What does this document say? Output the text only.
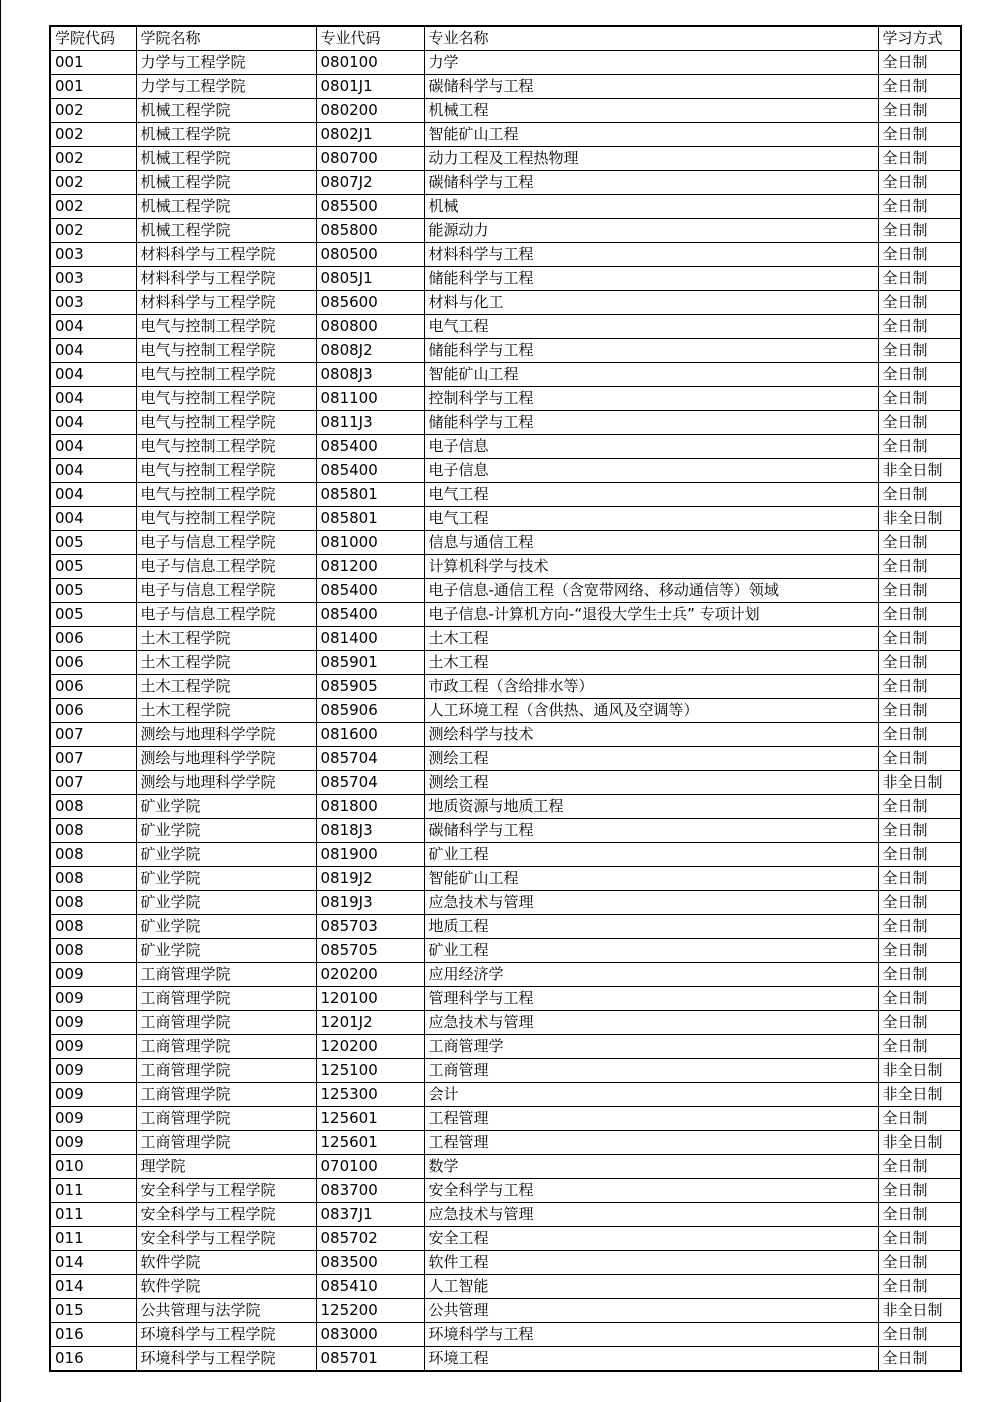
学院代码	学院名称	专业代码	专业名称	学习方式
001	力学与工程学院	080100	力学	全日制
001	力学与工程学院	0801J1	碳储科学与工程	全日制
002	机械工程学院	080200	机械工程	全日制
002	机械工程学院	0802J1	智能矿山工程	全日制
002	机械工程学院	080700	动力工程及工程热物理	全日制
002	机械工程学院	0807J2	碳储科学与工程	全日制
002	机械工程学院	085500	机械	全日制
002	机械工程学院	085800	能源动力	全日制
003	材料科学与工程学院	080500	材料科学与工程	全日制
003	材料科学与工程学院	0805J1	储能科学与工程	全日制
003	材料科学与工程学院	085600	材料与化工	全日制
004	电气与控制工程学院	080800	电气工程	全日制
004	电气与控制工程学院	0808J2	储能科学与工程	全日制
004	电气与控制工程学院	0808J3	智能矿山工程	全日制
004	电气与控制工程学院	081100	控制科学与工程	全日制
004	电气与控制工程学院	0811J3	储能科学与工程	全日制
004	电气与控制工程学院	085400	电子信息	全日制
004	电气与控制工程学院	085400	电子信息	非全日制
004	电气与控制工程学院	085801	电气工程	全日制
004	电气与控制工程学院	085801	电气工程	非全日制
005	电子与信息工程学院	081000	信息与通信工程	全日制
005	电子与信息工程学院	081200	计算机科学与技术	全日制
005	电子与信息工程学院	085400	电子信息-通信工程（含宽带网络、移动通信等）领域	全日制
005	电子与信息工程学院	085400	电子信息-计算机方向-“退役大学生士兵” 专项计划	全日制
006	土木工程学院	081400	土木工程	全日制
006	土木工程学院	085901	土木工程	全日制
006	土木工程学院	085905	市政工程（含给排水等）	全日制
006	土木工程学院	085906	人工环境工程（含供热、通风及空调等）	全日制
007	测绘与地理科学学院	081600	测绘科学与技术	全日制
007	测绘与地理科学学院	085704	测绘工程	全日制
007	测绘与地理科学学院	085704	测绘工程	非全日制
008	矿业学院	081800	地质资源与地质工程	全日制
008	矿业学院	0818J3	碳储科学与工程	全日制
008	矿业学院	081900	矿业工程	全日制
008	矿业学院	0819J2	智能矿山工程	全日制
008	矿业学院	0819J3	应急技术与管理	全日制
008	矿业学院	085703	地质工程	全日制
008	矿业学院	085705	矿业工程	全日制
009	工商管理学院	020200	应用经济学	全日制
009	工商管理学院	120100	管理科学与工程	全日制
009	工商管理学院	1201J2	应急技术与管理	全日制
009	工商管理学院	120200	工商管理学	全日制
009	工商管理学院	125100	工商管理	非全日制
009	工商管理学院	125300	会计	非全日制
009	工商管理学院	125601	工程管理	全日制
009	工商管理学院	125601	工程管理	非全日制
010	理学院	070100	数学	全日制
011	安全科学与工程学院	083700	安全科学与工程	全日制
011	安全科学与工程学院	0837J1	应急技术与管理	全日制
011	安全科学与工程学院	085702	安全工程	全日制
014	软件学院	083500	软件工程	全日制
014	软件学院	085410	人工智能	全日制
015	公共管理与法学院	125200	公共管理	非全日制
016	环境科学与工程学院	083000	环境科学与工程	全日制
016	环境科学与工程学院	085701	环境工程	全日制
